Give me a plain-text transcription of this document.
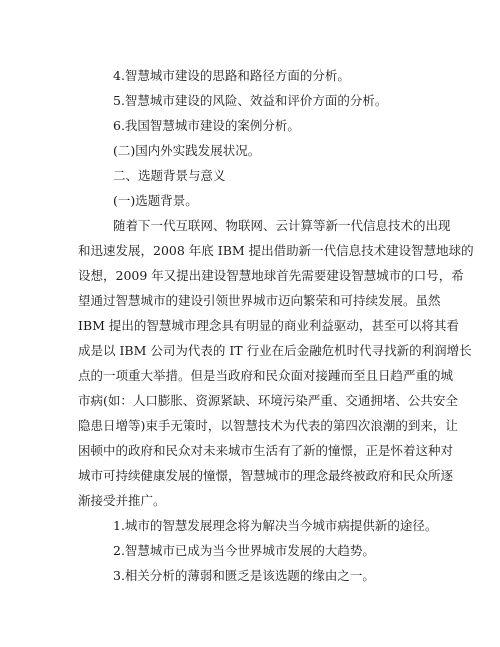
4.智慧城市建设的思路和路径方面的分析。
5.智慧城市建设的风险、效益和评价方面的分析。
6.我国智慧城市建设的案例分析。
(二)国内外实践发展状况。
二、选题背景与意义
(一)选题背景。
随着下一代互联网、物联网、云计算等新一代信息技术的出现
和迅速发展，2008 年底 IBM 提出借助新一代信息技术建设智慧地球的
设想，2009 年又提出建设智慧地球首先需要建设智慧城市的口号，希
望通过智慧城市的建设引领世界城市迈向繁荣和可持续发展。虽然
IBM 提出的智慧城市理念具有明显的商业利益驱动，甚至可以将其看
成是以 IBM 公司为代表的 IT 行业在后金融危机时代寻找新的利润增长
点的一项重大举措。但是当政府和民众面对接踵而至且日趋严重的城
市病(如：人口膨胀、资源紧缺、环境污染严重、交通拥堵、公共安全
隐患日增等)束手无策时，以智慧技术为代表的第四次浪潮的到来，让
困顿中的政府和民众对未来城市生活有了新的憧憬，正是怀着这种对
城市可持续健康发展的憧憬，智慧城市的理念最终被政府和民众所逐
渐接受并推广。
1.城市的智慧发展理念将为解决当今城市病提供新的途径。
2.智慧城市已成为当今世界城市发展的大趋势。
3.相关分析的薄弱和匮乏是该选题的缘由之一。
